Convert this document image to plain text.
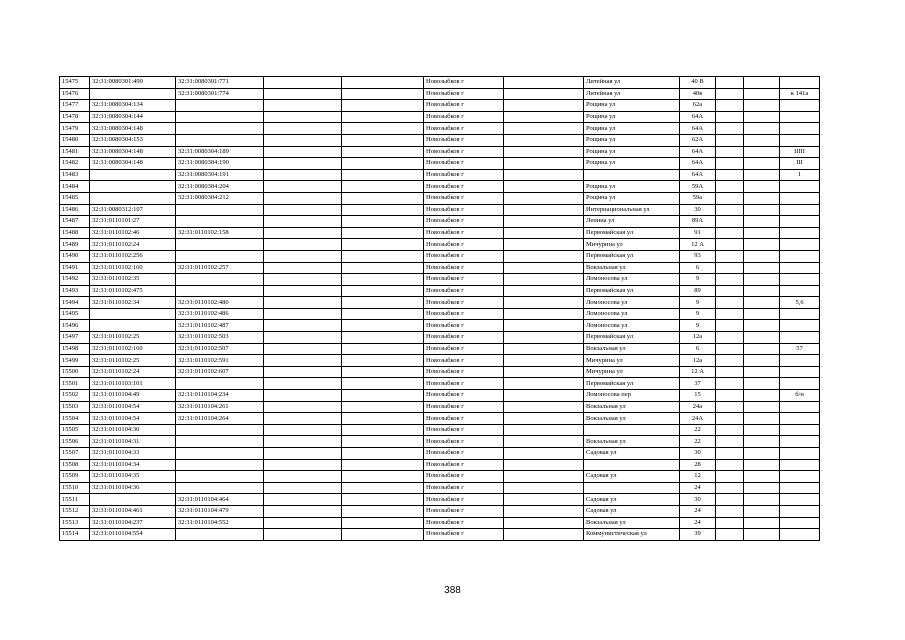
15475	32:31:0080301:490	32:31:0080301:771			Новозыбков г		Литейная ул	40 В			
15476		32:31:0080301:774			Новозыбков г		Литейная ул	40в			к 141а
15477	32:31:0080304:134				Новозыбков г		Рощина ул	62а			
15478	32:31:0080304:144				Новозыбков г		Рощина ул	64А			
15479	32:31:0080304:148				Новозыбков г		Рощина ул	64А			
15480	32:31:0080304:153				Новозыбков г		Рощина ул	62А			
15481	32:31:0080304:148	32:31:0080304:189			Новозыбков г		Рощина ул	64А			IIIII
15482	32:31:0080304:148	32:31:0080304:190			Новозыбков г		Рощина ул	64А			III
15483		32:31:0080304:191			Новозыбков г			64А			I
15484		32:31:0080304:204			Новозыбков г		Рощина ул	59А			
15485		32:31:0080304:212			Новозыбков г		Рощина ул	59а			
15486	32:31:0080312:107				Новозыбков г		Интернациональная ул	30			
15487	32:31:0110101:27				Новозыбков г		Ленина ул	89А			
15488	32:31:0110102:46	32:31:0110102:158			Новозыбков г		Первомайская ул	91			
15489	32:31:0110102:24				Новозыбков г		Мичурина ул	12 А			
15490	32:31:0110102:256				Новозыбков г		Первомайская ул	93			
15491	32:31:0110102:160	32:31:0110102:257			Новозыбков г		Вокзальная ул	6			
15492	32:31:0110102:35				Новозыбков г		Ломоносова ул	9			
15493	32:31:0110102:475				Новозыбков г		Первомайская ул	89			
15494	32:31:0110102:34	32:31:0110102:480			Новозыбков г		Ломоносова ул	9			5,6
15495		32:31:0110102:486			Новозыбков г		Ломоносова ул	9			
15496		32:31:0110102:487			Новозыбков г		Ломоносова ул	9			
15497	32:31:0110102:25	32:31:0110102:503			Новозыбков г		Первомайская ул	12а			
15498	32:31:0110102:160	32:31:0110102:507			Новозыбков г		Вокзальная ул	6			57
15499	32:31:0110102:25	32:31:0110102:591			Новозыбков г		Мичурина ул	12а			
15500	32:31:0110102:24	32:31:0110102:607			Новозыбков г		Мичурина ул	12 А			
15501	32:31:0110103:101				Новозыбков г		Первомайская ул	37			
15502	32:31:0110104:49	32:31:0110104:234			Новозыбков г		Ломоносова пер	15			б/н
15503	32:31:0110104:54	32:31:0110104:261			Новозыбков г		Вокзальная ул	24а			
15504	32:31:0110104:54	32:31:0110104:264			Новозыбков г		Вокзальная ул	24А			
15505	32:31:0110104:30				Новозыбков г			22			
15506	32:31:0110104:31				Новозыбков г		Вокзальная ул	22			
15507	32:31:0110104:33				Новозыбков г		Садовая ул	30			
15508	32:31:0110104:34				Новозыбков г			28			
15509	32:31:0110104:35				Новозыбков г		Садовая ул	12			
15510	32:31:0110104:36				Новозыбков г			24			
15511		32:31:0110104:464			Новозыбков г		Садовая ул	30			
15512	32:31:0110104:461	32:31:0110104:479			Новозыбков г		Садовая ул	24			
15513	32:31:0110104:237	32:31:0110104:552			Новозыбков г		Вокзальная ул	24			
15514	32:31:0110104:554				Новозыбков г		Коммунистическая ул	39			
388
